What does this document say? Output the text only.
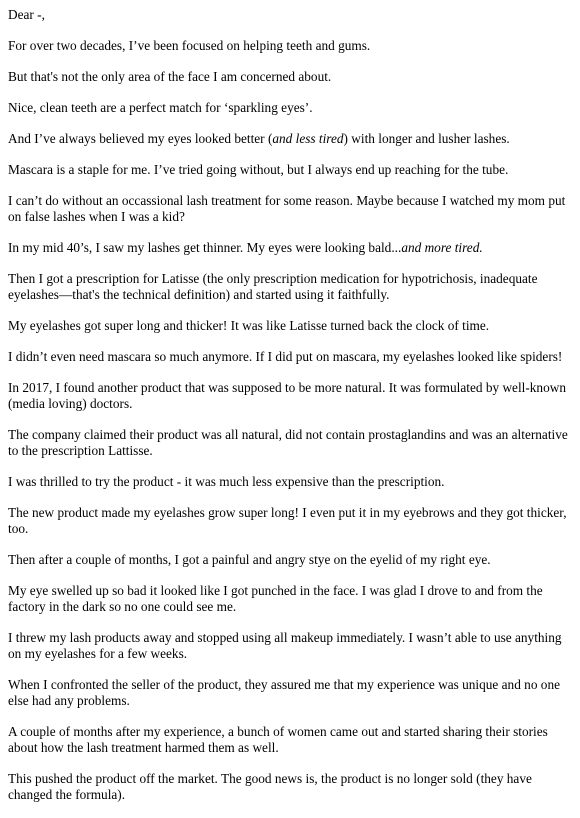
Dear -,

For over two decades, I’ve been focused on helping teeth and gums.

But that's not the only area of the face I am concerned about.

Nice, clean teeth are a perfect match for ‘sparkling eyes’.

And I’ve always believed my eyes looked better (and less tired) with longer and lusher lashes.

Mascara is a staple for me. I’ve tried going without, but I always end up reaching for the tube.

I can’t do without an occassional lash treatment for some reason. Maybe because I watched my mom put on false lashes when I was a kid?

In my mid 40’s, I saw my lashes get thinner. My eyes were looking bald...and more tired.

Then I got a prescription for Latisse (the only prescription medication for hypotrichosis, inadequate eyelashes—that's the technical definition) and started using it faithfully.

My eyelashes got super long and thicker! It was like Latisse turned back the clock of time.

I didn’t even need mascara so much anymore. If I did put on mascara, my eyelashes looked like spiders!

In 2017, I found another product that was supposed to be more natural. It was formulated by well-known (media loving) doctors.

The company claimed their product was all natural, did not contain prostaglandins and was an alternative to the prescription Lattisse.

I was thrilled to try the product - it was much less expensive than the prescription.

The new product made my eyelashes grow super long! I even put it in my eyebrows and they got thicker, too.

Then after a couple of months, I got a painful and angry stye on the eyelid of my right eye.

My eye swelled up so bad it looked like I got punched in the face. I was glad I drove to and from the factory in the dark so no one could see me.

I threw my lash products away and stopped using all makeup immediately. I wasn’t able to use anything on my eyelashes for a few weeks.

When I confronted the seller of the product, they assured me that my experience was unique and no one else had any problems.

A couple of months after my experience, a bunch of women came out and started sharing their stories about how the lash treatment harmed them as well.

This pushed the product off the market. The good news is, the product is no longer sold (they have changed the formula).
